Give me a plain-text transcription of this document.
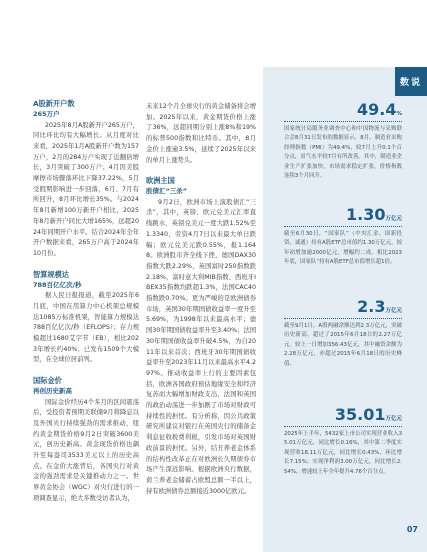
A股新开户数
265万户

2025年8月A股新开户265万户，同比环比均有大幅增长。从月度对比来看，2025年1月A股新开户数为157万户，2月的284万户实现了近翻倍增长，3月突破了300万户；4月因美股摩擦市场骤落环比下降37.22%，5月受假期影响进一步回落，6月、7月有所回升，8月环比增长35%。与2024年8月新增100万新开户相比，2025年8月新开户同比大增165%，远超2024年同期开户水平。结合2024年全年开户数据来看，265万户高于2024年10月份。

智算规模达
788百亿亿次/秒

据人民日报报道，截至2025年6月底，中国在用算力中心机架总规模达1085万标准机架，智能算力规模达788百亿亿次/秒（EFLOPS）；存力规模超过1680艾字节（EB），相比2023年增长约40%；已发布1509个大模型，在全球位居前列。

国际金价
再创历史新高

国际金价经历4个多月的区间震荡后，受投资者预期美联储9月将降息以及外国央行持续强劲的需求推动，纽约黄金期货价格9月2日突破3600美元，创历史新高。黄金现货价格也飙升至每盎司3533美元以上的历史高点。在金价大涨背后，各国央行对黄金的强劲需求是关键推动力之一。世界黄金协会（WGC）对央行进行的一项调查显示，绝大多数受访者认为，

未来12个月全球央行的黄金储备将会增加。2025年以来，黄金期货价格上涨了36%，远超同期分别上涨8%和19%的标普500指数和比特币。其中，8月金价上涨逾3.5%，延续了2025年以来的单月上涨势头。

欧洲主国
股债汇“三杀”

9月2日，欧洲市场上演股债汇“三杀”，其中，英镑、欧元兑美元汇率直线跳水，英镑兑美元一度大跌1.52%至1.3340，劳资4月7日以来最大单日跌幅；欧元兑美元跌0.55%，报1.1648。欧洲股市齐全线下挫，德国DAX30指数大跌2.29%，英国富时250指数跌2.18%，富时意大利MIB指数、西班牙IBEX35指数均跌超1.3%，法国CAC40指数跌0.70%。更为严峻的是欧洲债券市场，英国30年期国债收益率一度升至5.69%，为1998年以来最高水平；德国30年期国债收益率升至3.40%；法国30年期国债收益率升破4.5%，为自2011年以来首次；西班牙30年期国债收益率升至2023年11月以来最高水平4.297%。推动收益率上行的主要因素包括，欧洲各国政府预估地缘安全和经济复苏而大幅增加财政支出，法国和英国的政治动荡进一步加剧了市场对财政可持续性的担忧。有分析称，因公共政策研究所建议对银行在英国央行的储备金利息征收税费利税，引发市场对英国财政前景的担忧。另外，结丑养老金体系的结构性改革正在对欧洲长久期债券市场产生深远影响。根据欧洲央行数据，荷兰养老金储蓄占欧盟总额一半以上，持有欧洲债券总额接近3000亿欧元。

数说
49.4%
国家统计局服务业调查中心和中国物流与采购联合会8月31日发布的数据显示，8月，制造业采购经理指数（PMI）为49.4%，较7月上升0.1个百分点，景气水平较7月有所改善。其中，制造业企业生产扩张加快，市场需求稳定扩张，价格指数连续3个月回升。
1.30万亿元
截至6月30日，“国家队”（中央汇金、国新投资、诚通）持有A股ETF总市值约1.30万亿元，较年初增加逾2000亿元，增幅约二成。相比2023年底，国家队“持有A股ETF总市值增长超1倍。
2.3万亿元
截至9月1日，A股两融余额达到2.3万亿元，突破历史新高，超过了2015年6月18日的2.27万亿元。较上一日增加356.43亿元，其中融资余额为2.28万亿元，亦超过2015年6月18日的历史峰值。
35.01万亿元
2025年上半年，5432家上市公司实现营业收入35.01万亿元，同比增长0.16%，其中第二季度实现营收18.11万亿元，同比增长0.43%，环比增长7.15%；实现净利润3.00万亿元，同比增长2.54%，增速较上年全年提升4.76个百分点。
07
